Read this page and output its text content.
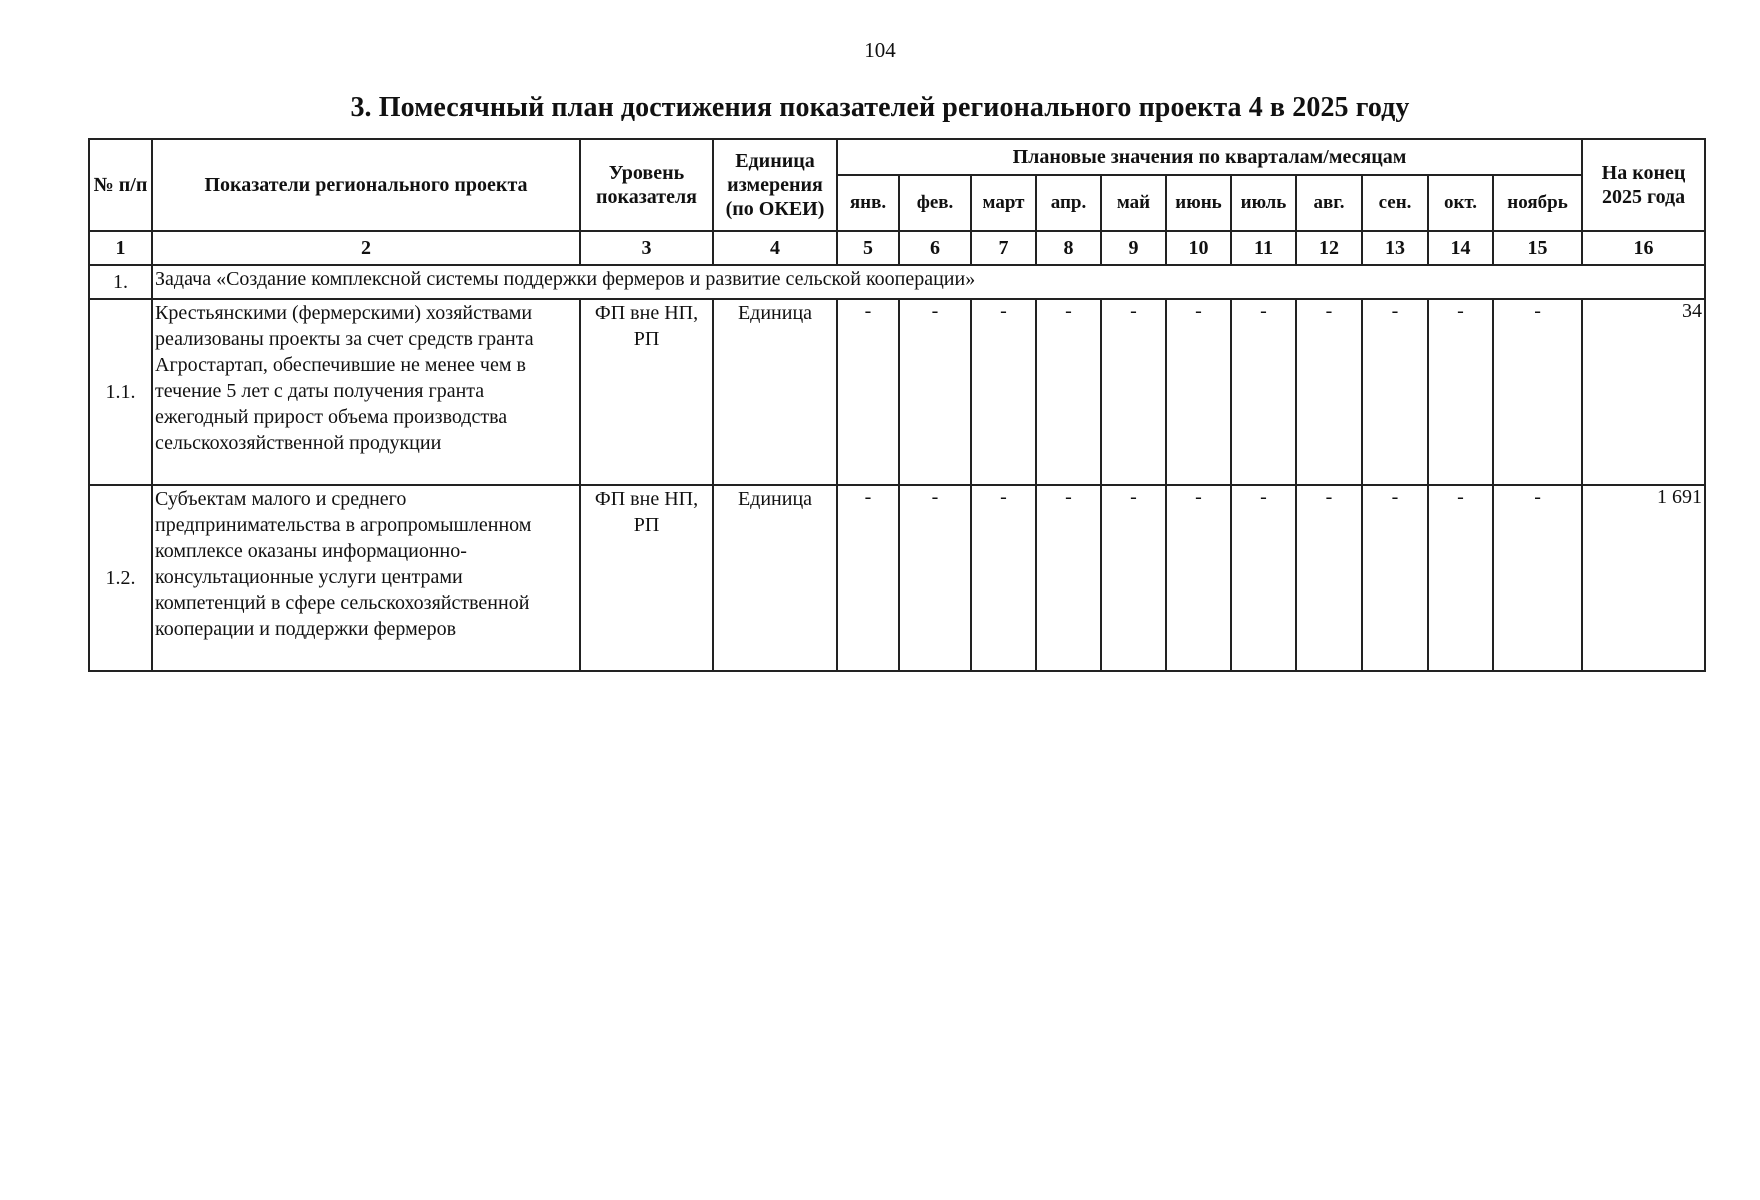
104
3. Помесячный план достижения показателей регионального проекта 4 в 2025 году
№ п/п	Показатели регионального проекта	Уровень показателя	Единица измерения (по ОКЕИ)	Плановые значения по кварталам/месяцам											На конец 2025 года
				янв.	фев.	март	апр.	май	июнь	июль	авг.	сен.	окт.	ноябрь	
1	2	3	4	5	6	7	8	9	10	11	12	13	14	15	16
1.	Задача «Создание комплексной системы поддержки фермеров и развитие сельской кооперации»														
1.1.	Крестьянскими (фермерскими) хозяйствами реализованы проекты за счет средств гранта Агростартап, обеспечившие не менее чем в течение 5 лет с даты получения гранта ежегодный прирост объема производства сельскохозяйственной продукции	ФП вне НП, РП	Единица	-	-	-	-	-	-	-	-	-	-	-	34
1.2.	Субъектам малого и среднего предпринимательства в агропромышленном комплексе оказаны информационно-консультационные услуги центрами компетенций в сфере сельскохозяйственной кооперации и поддержки фермеров	ФП вне НП, РП	Единица	-	-	-	-	-	-	-	-	-	-	-	1 691
